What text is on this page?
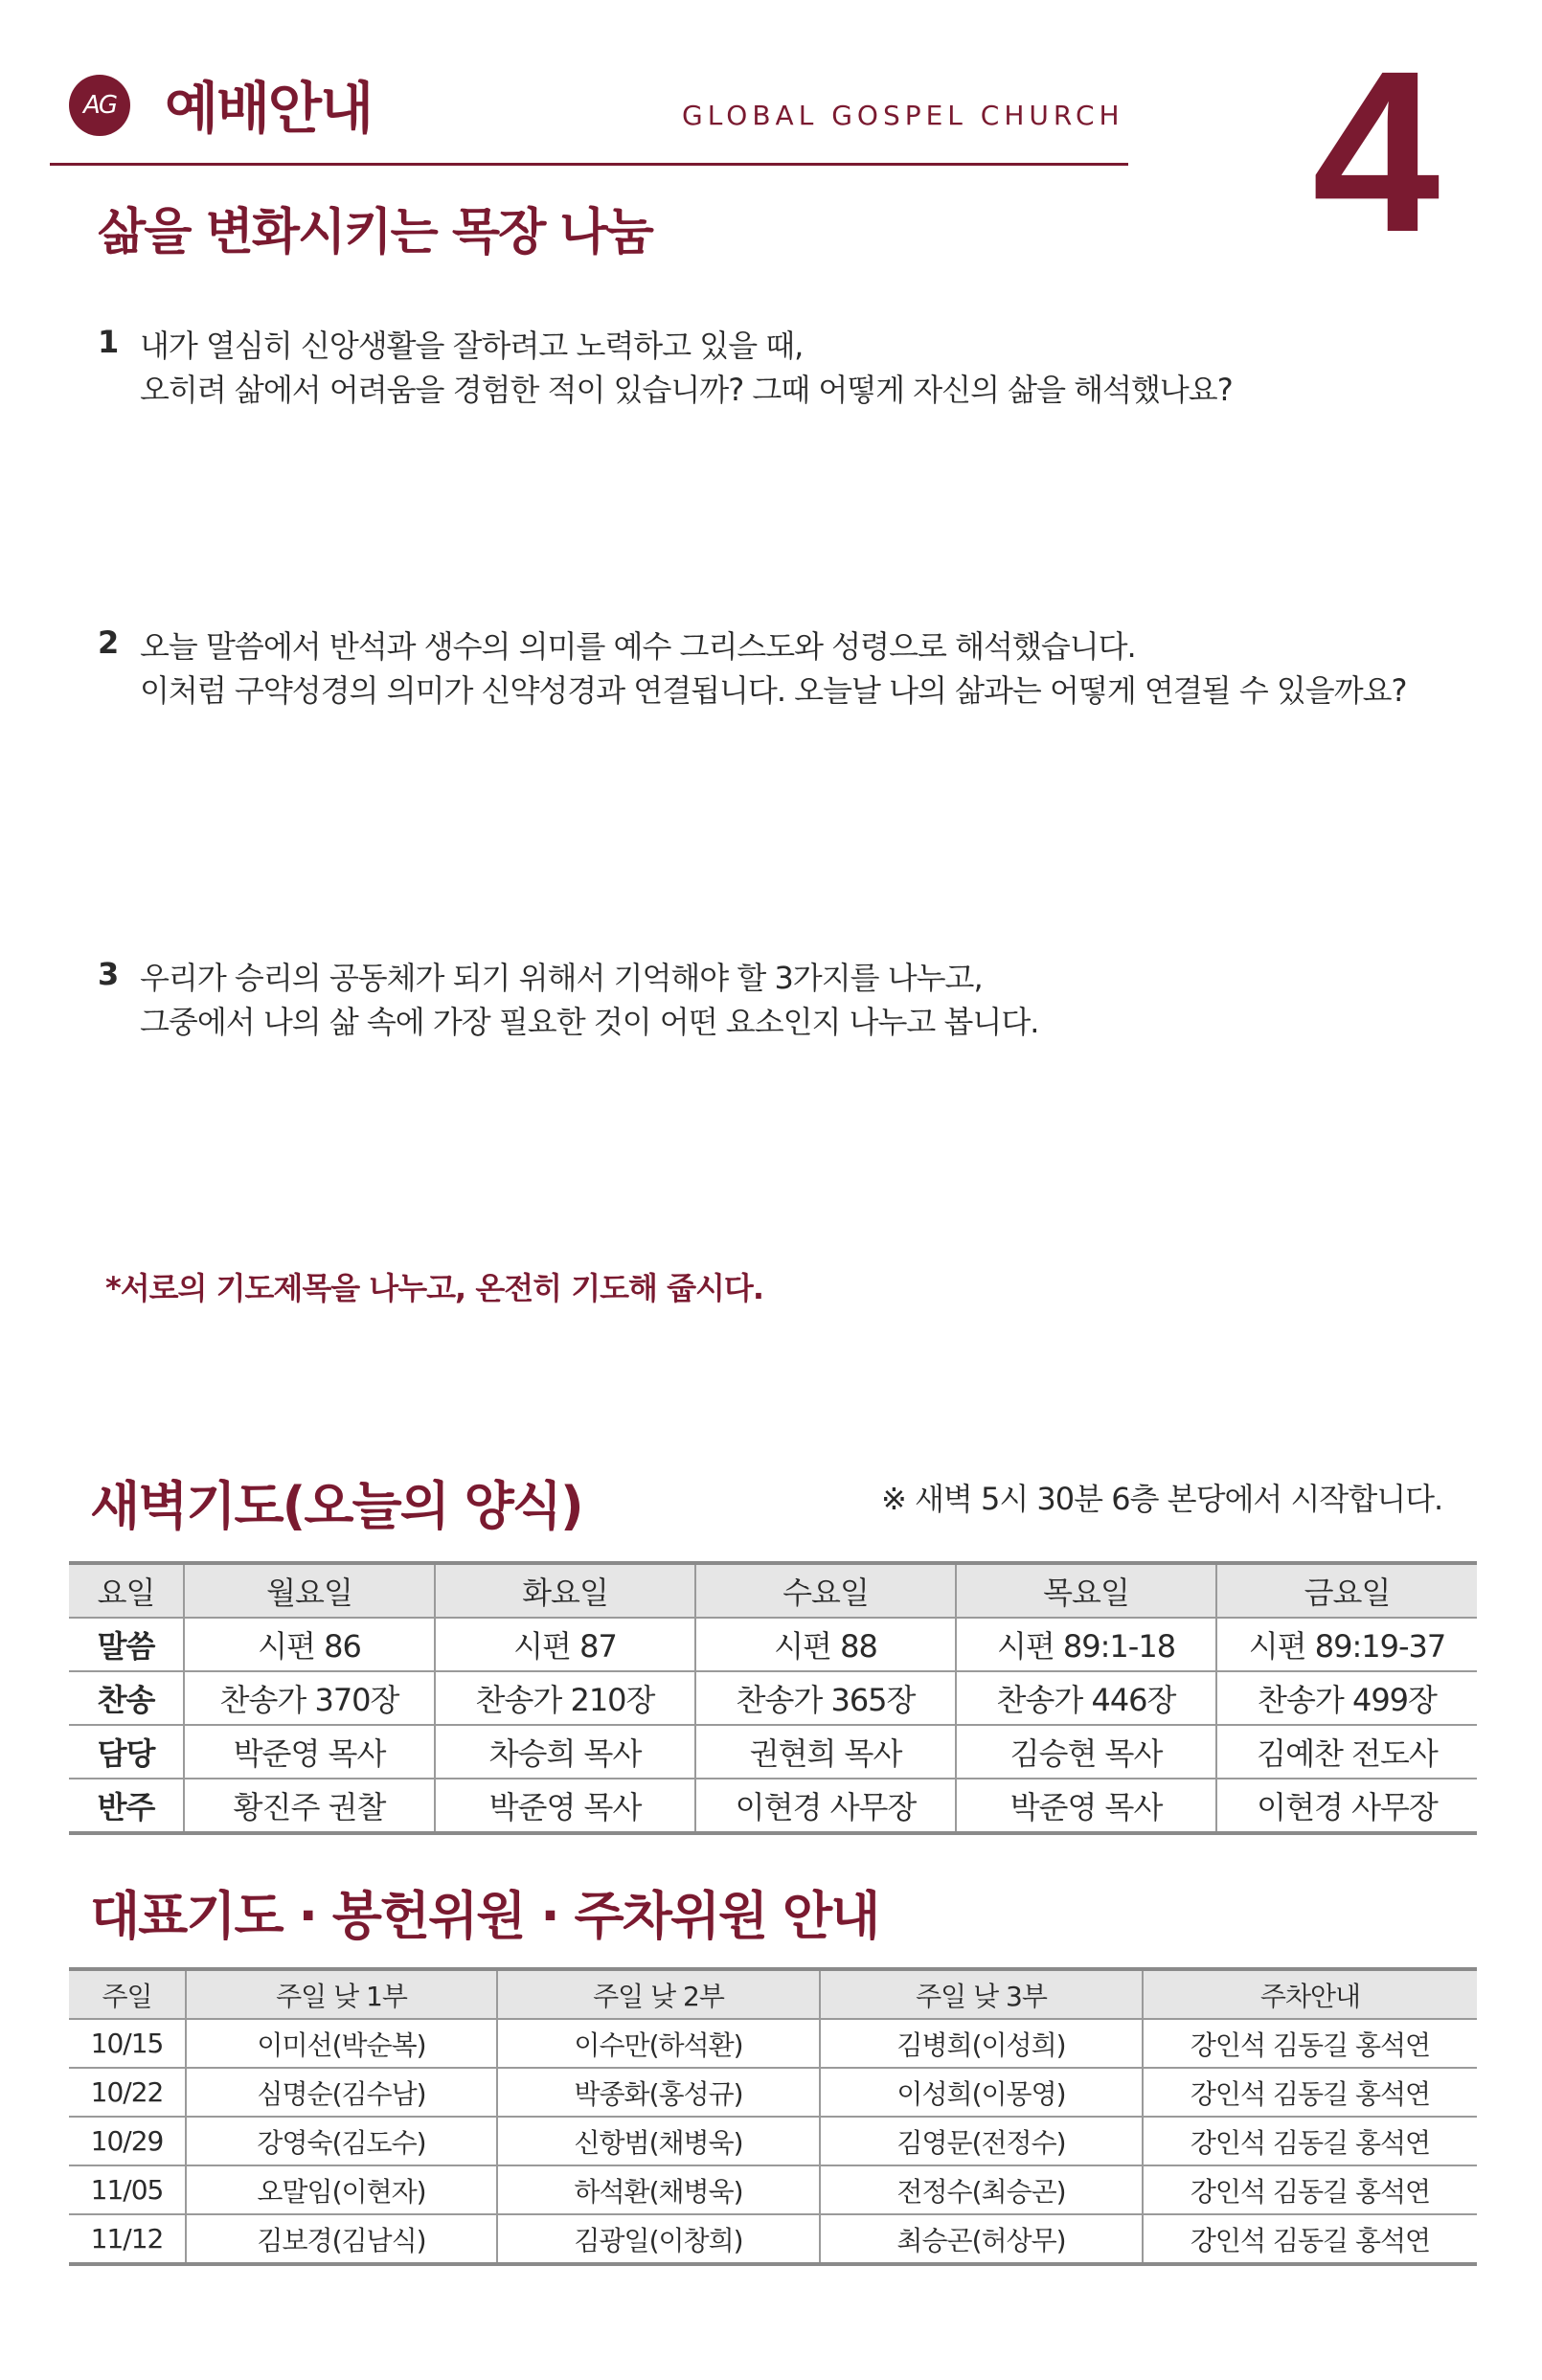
AG 예배안내	GLOBAL GOSPEL CHURCH 4
삶을 변화시키는 목장 나눔
1 내가 열심히 신앙생활을 잘하려고 노력하고 있을 때,
오히려 삶에서 어려움을 경험한 적이 있습니까? 그때 어떻게 자신의 삶을 해석했나요?
2 오늘 말씀에서 반석과 생수의 의미를 예수 그리스도와 성령으로 해석했습니다.
이처럼 구약성경의 의미가 신약성경과 연결됩니다. 오늘날 나의 삶과는 어떻게 연결될 수 있을까요?
3 우리가 승리의 공동체가 되기 위해서 기억해야 할 3가지를 나누고,
그중에서 나의 삶 속에 가장 필요한 것이 어떤 요소인지 나누고 봅니다.
*서로의 기도제목을 나누고, 온전히 기도해 줍시다.
새벽기도(오늘의 양식)	※ 새벽 5시 30분 6층 본당에서 시작합니다.
요일	월요일	화요일	수요일	목요일	금요일
말씀	시편 86	시편 87	시편 88	시편 89:1-18	시편 89:19-37
찬송	찬송가 370장	찬송가 210장	찬송가 365장	찬송가 446장	찬송가 499장
담당	박준영 목사	차승희 목사	권현희 목사	김승현 목사	김예찬 전도사
반주	황진주 권찰	박준영 목사	이현경 사무장	박준영 목사	이현경 사무장
대표기도 · 봉헌위원 · 주차위원 안내
주일	주일 낮 1부	주일 낮 2부	주일 낮 3부	주차안내
10/15	이미선(박순복)	이수만(하석환)	김병희(이성희)	강인석 김동길 홍석연
10/22	심명순(김수남)	박종화(홍성규)	이성희(이몽영)	강인석 김동길 홍석연
10/29	강영숙(김도수)	신항범(채병욱)	김영문(전정수)	강인석 김동길 홍석연
11/05	오말임(이현자)	하석환(채병욱)	전정수(최승곤)	강인석 김동길 홍석연
11/12	김보경(김남식)	김광일(이창희)	최승곤(허상무)	강인석 김동길 홍석연
